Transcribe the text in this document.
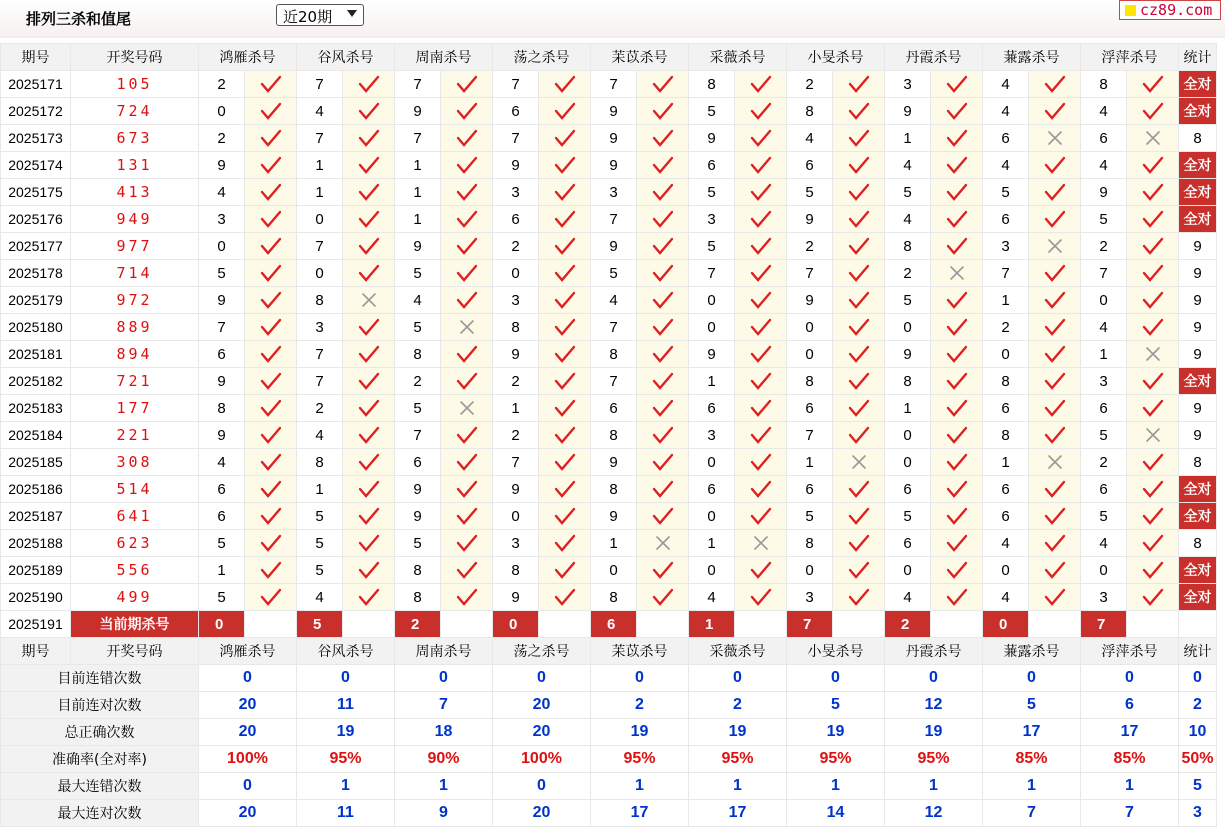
排列三杀和值尾	近20期	cz89.com
期号	开奖号码	鸿雁杀号		谷风杀号		周南杀号		荡之杀号		苿苡杀号		采薇杀号		小旻杀号		丹霞杀号		蒹露杀号		浮萍杀号		统计
2025171	105	2		7		7		7		7		8		2		3		4		8		全对
2025172	724	0		4		9		6		9		5		8		9		4		4		全对
2025173	673	2		7		7		7		9		9		4		1		6		6		8
2025174	131	9		1		1		9		9		6		6		4		4		4		全对
2025175	413	4		1		1		3		3		5		5		5		5		9		全对
2025176	949	3		0		1		6		7		3		9		4		6		5		全对
2025177	977	0		7		9		2		9		5		2		8		3		2		9
2025178	714	5		0		5		0		5		7		7		2		7		7		9
2025179	972	9		8		4		3		4		0		9		5		1		0		9
2025180	889	7		3		5		8		7		0		0		0		2		4		9
2025181	894	6		7		8		9		8		9		0		9		0		1		9
2025182	721	9		7		2		2		7		1		8		8		8		3		全对
2025183	177	8		2		5		1		6		6		6		1		6		6		9
2025184	221	9		4		7		2		8		3		7		0		8		5		9
2025185	308	4		8		6		7		9		0		1		0		1		2		8
2025186	514	6		1		9		9		8		6		6		6		6		6		全对
2025187	641	6		5		9		0		9		0		5		5		6		5		全对
2025188	623	5		5		5		3		1		1		8		6		4		4		8
2025189	556	1		5		8		8		0		0		0		0		0		0		全对
2025190	499	5		4		8		9		8		4		3		4		4		3		全对
2025191	当前期杀号	0		5		2		0		6		1		7		2		0		7		
期号	开奖号码	鸿雁杀号		谷风杀号		周南杀号		荡之杀号		苿苡杀号		采薇杀号		小旻杀号		丹霞杀号		蒹露杀号		浮萍杀号		统计
目前连错次数		0		0		0		0		0		0		0		0		0		0		0
目前连对次数		20		11		7		20		2		2		5		12		5		6		2
总正确次数		20		19		18		20		19		19		19		19		17		17		10
准确率(全对率)		100%		95%		90%		100%		95%		95%		95%		95%		85%		85%		50%
最大连错次数		0		1		1		0		1		1		1		1		1		1		5
最大连对次数		20		11		9		20		17		17		14		12		7		7		3
